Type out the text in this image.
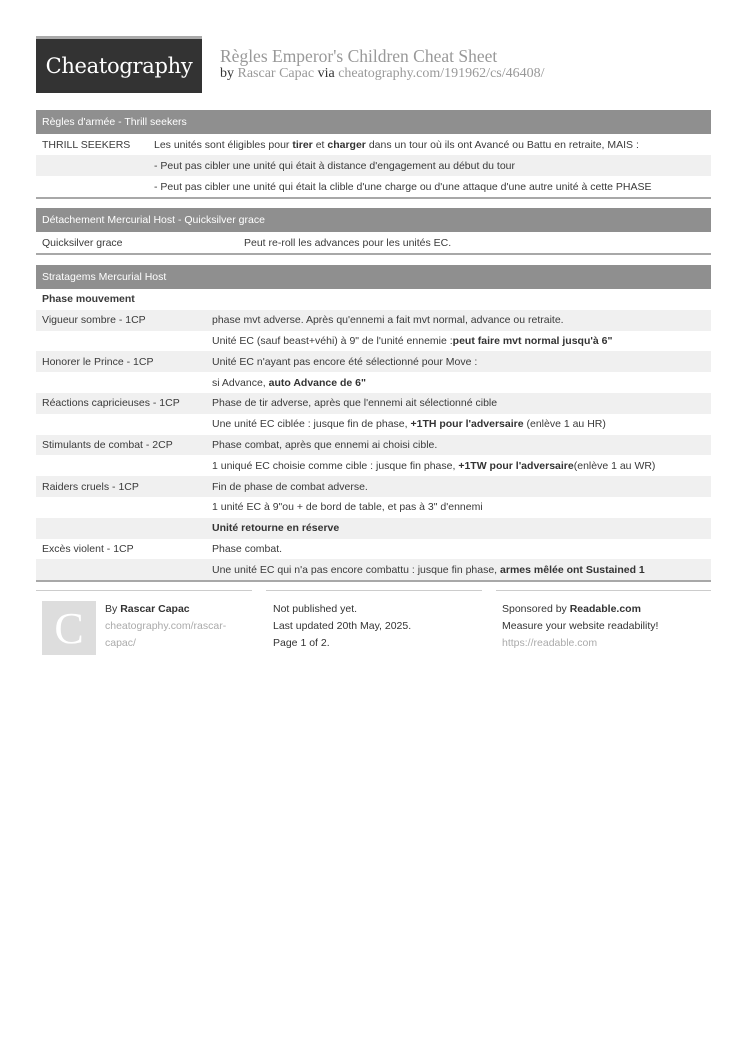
Cheatography Règles Emperor's Children Cheat Sheet
by Rascar Capac via cheatography.com/191962/cs/46408/
Règles d'armée - Thrill seekers
THRILL SEEKERS Les unités sont éligibles pour tirer et charger dans un tour où ils ont Avancé ou Battu en retraite, MAIS :
- Peut pas cibler une unité qui était à distance d'engagement au début du tour
- Peut pas cibler une unité qui était la clible d'une charge ou d'une attaque d'une autre unité à cette PHASE
Détachement Mercurial Host - Quicksilver grace
Quicksilver grace	Peut re-roll les advances pour les unités EC.
Stratagems Mercurial Host
Phase mouvement
Vigueur sombre - 1CP	phase mvt adverse. Après qu'ennemi a fait mvt normal, advance ou retraite.
Unité EC (sauf beast+véhi) à 9" de l'unité ennemie :peut faire mvt normal jusqu'à 6"
Honorer le Prince - 1CP	Unité EC n'ayant pas encore été sélectionné pour Move :
si Advance, auto Advance de 6"
Réactions capricieuses - 1CP	Phase de tir adverse, après que l'ennemi ait sélectionné cible
Une unité EC ciblée : jusque fin de phase, +1TH pour l'adversaire (enlève 1 au HR)
Stimulants de combat - 2CP	Phase combat, après que ennemi ai choisi cible.
1 uniqué EC choisie comme cible : jusque fin phase, +1TW pour l'adversaire(enlève 1 au WR)
Raiders cruels - 1CP	Fin de phase de combat adverse.
1 unité EC à 9"ou + de bord de table, et pas à 3" d'ennemi
Unité retourne en réserve
Excès violent - 1CP	Phase combat.
Une unité EC qui n'a pas encore combattu : jusque fin phase, armes mêlée ont Sustained 1
C By Rascar Capac
cheatography.com/rascar-
capac/
Not published yet.
Last updated 20th May, 2025.
Page 1 of 2.
Sponsored by Readable.com
Measure your website readability!
https://readable.com
